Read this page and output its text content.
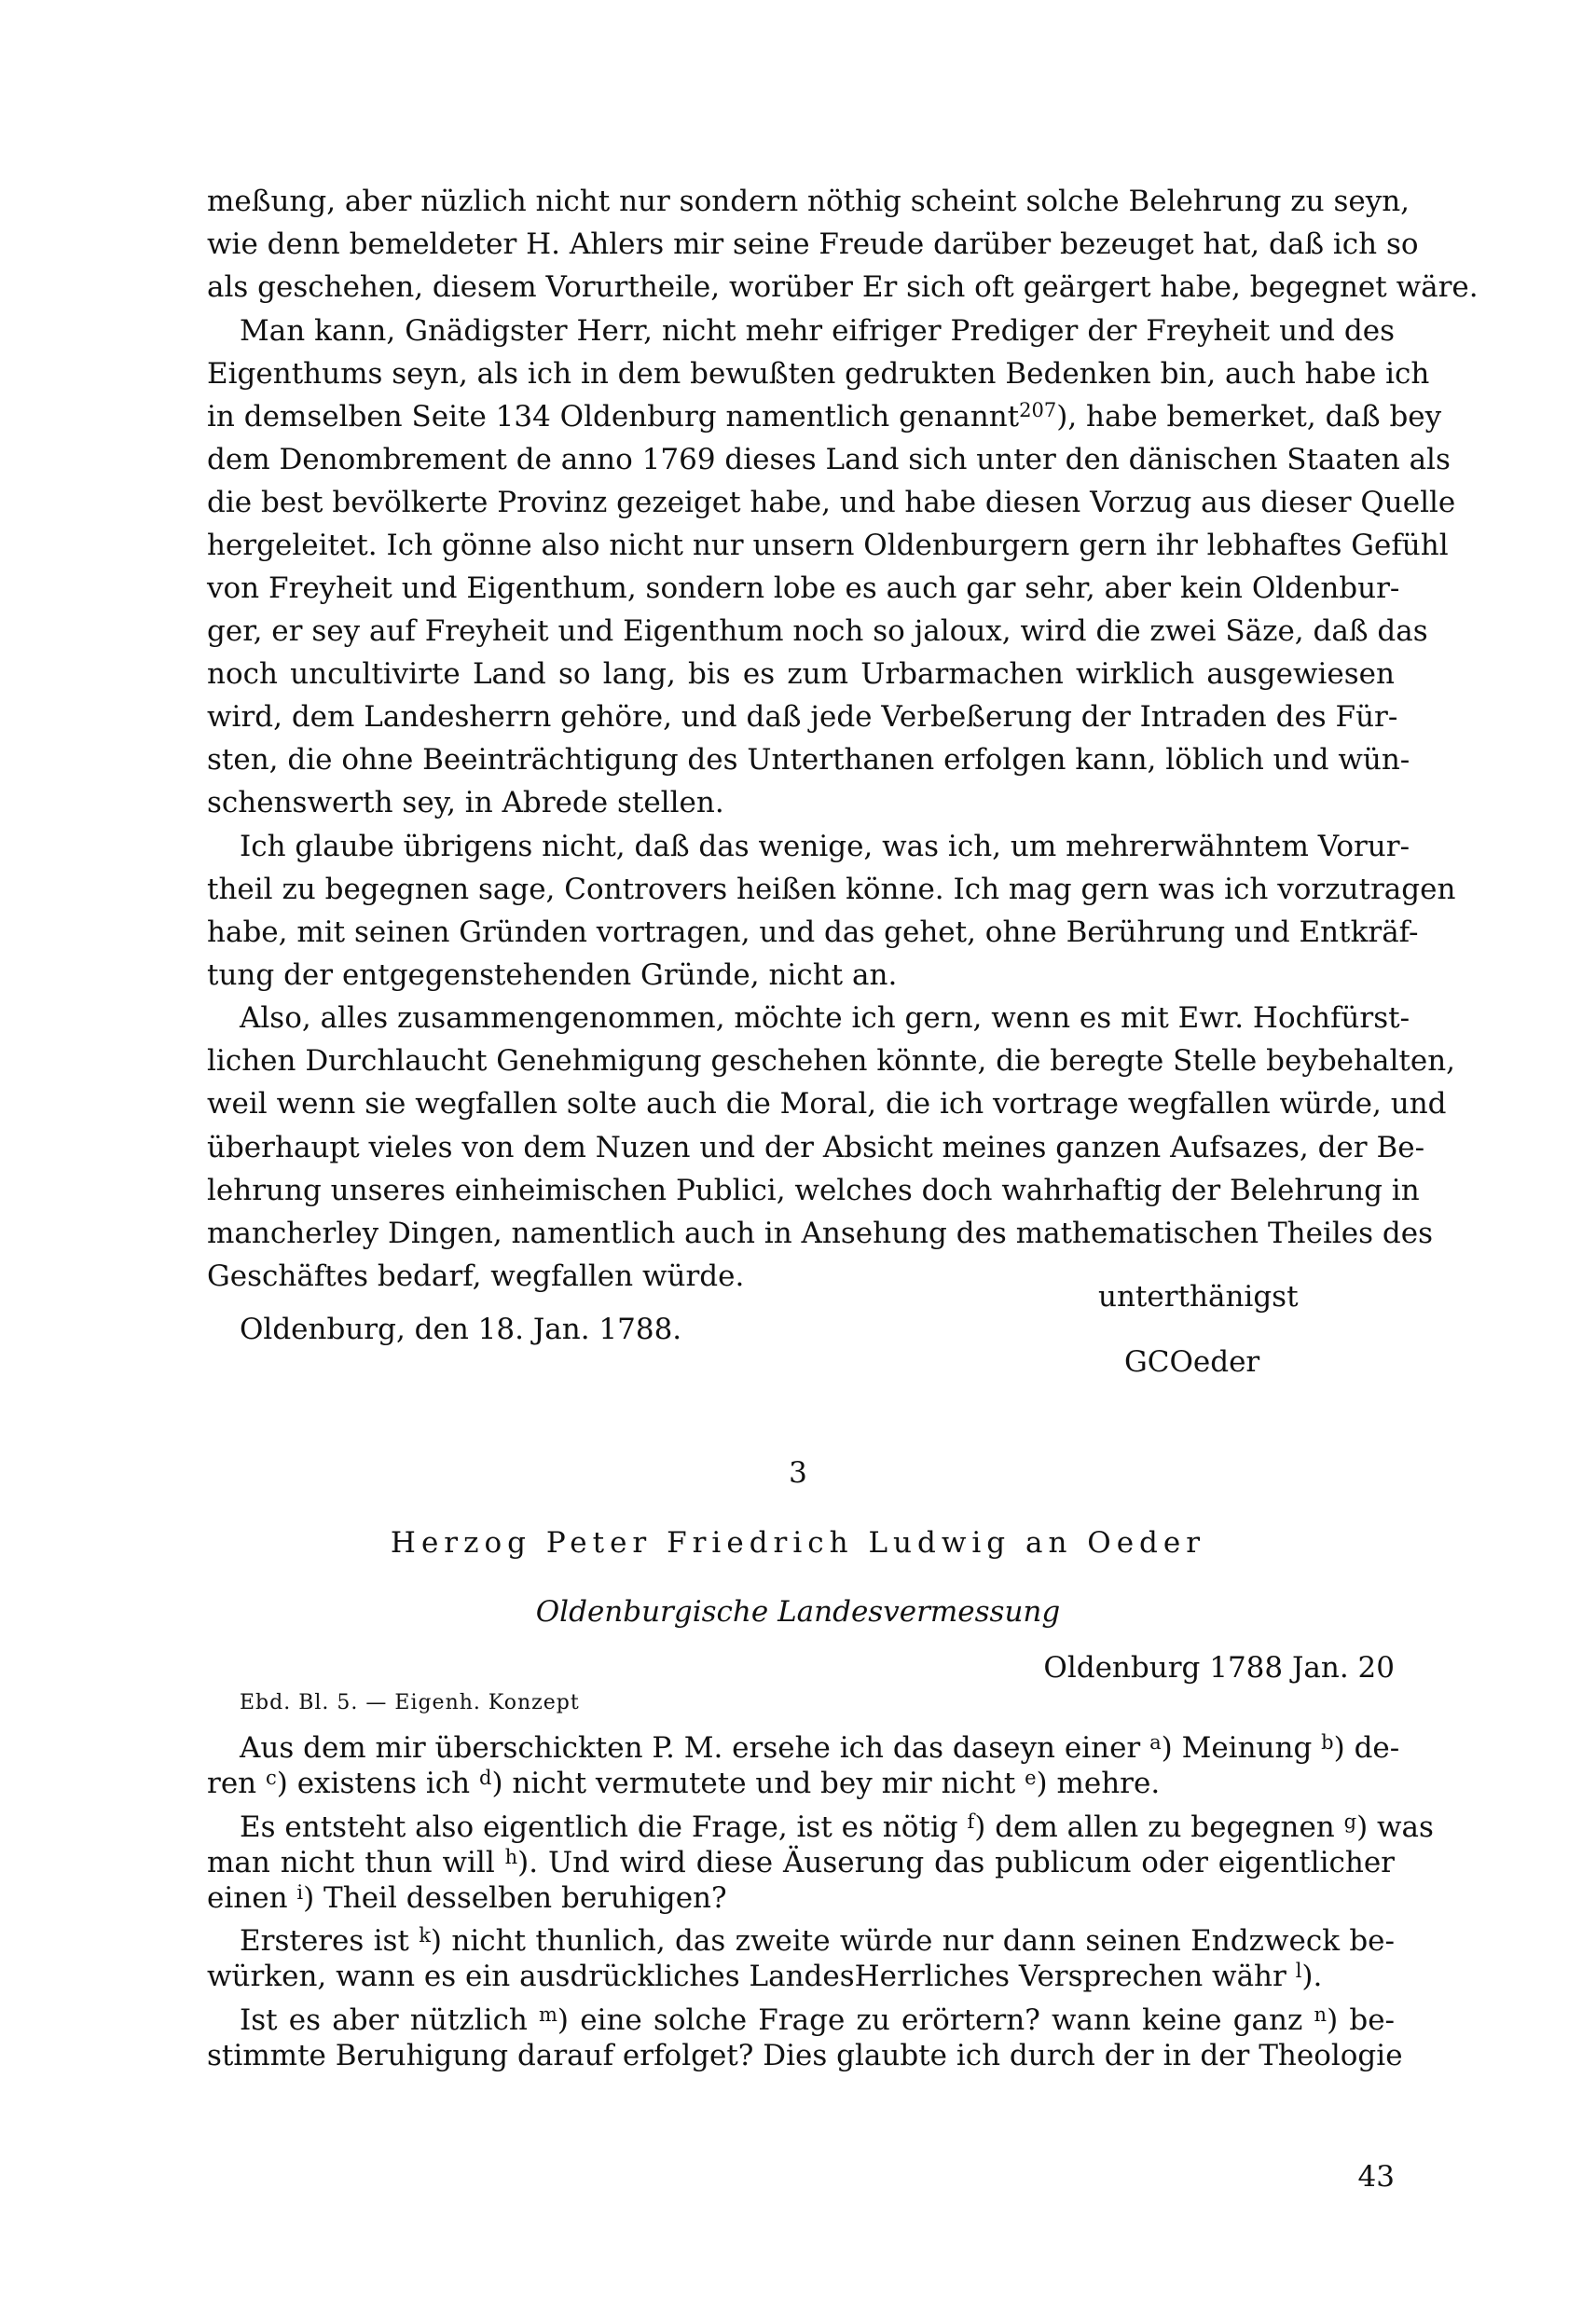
meßung, aber nüzlich nicht nur sondern nöthig scheint solche Belehrung zu seyn,
wie denn bemeldeter H. Ahlers mir seine Freude darüber bezeuget hat, daß ich so
als geschehen, diesem Vorurtheile, worüber Er sich oft geärgert habe, begegnet wäre.
Man kann, Gnädigster Herr, nicht mehr eifriger Prediger der Freyheit und des
Eigenthums seyn, als ich in dem bewußten gedrukten Bedenken bin, auch habe ich
in demselben Seite 134 Oldenburg namentlich genannt$^{207}$), habe bemerket, daß bey
dem Denombrement de anno 1769 dieses Land sich unter den dänischen Staaten als
die best bevölkerte Provinz gezeiget habe, und habe diesen Vorzug aus dieser Quelle
hergeleitet. Ich gönne also nicht nur unsern Oldenburgern gern ihr lebhaftes Gefühl
von Freyheit und Eigenthum, sondern lobe es auch gar sehr, aber kein Oldenbur-
ger, er sey auf Freyheit und Eigenthum noch so jaloux, wird die zwei Säze, daß das
noch uncultivirte Land so lang, bis es zum Urbarmachen wirklich ausgewiesen
wird, dem Landesherrn gehöre, und daß jede Verbeßerung der Intraden des Für-
sten, die ohne Beeinträchtigung des Unterthanen erfolgen kann, löblich und wün-
schenswerth sey, in Abrede stellen.
Ich glaube übrigens nicht, daß das wenige, was ich, um mehrerwähntem Vorur-
theil zu begegnen sage, Controvers heißen könne. Ich mag gern was ich vorzutragen
habe, mit seinen Gründen vortragen, und das gehet, ohne Berührung und Entkräf-
tung der entgegenstehenden Gründe, nicht an.
Also, alles zusammengenommen, möchte ich gern, wenn es mit Ewr. Hochfürst-
lichen Durchlaucht Genehmigung geschehen könnte, die beregte Stelle beybehalten,
weil wenn sie wegfallen solte auch die Moral, die ich vortrage wegfallen würde, und
überhaupt vieles von dem Nuzen und der Absicht meines ganzen Aufsazes, der Be-
lehrung unseres einheimischen Publici, welches doch wahrhaftig der Belehrung in
mancherley Dingen, namentlich auch in Ansehung des mathematischen Theiles des
Geschäftes bedarf, wegfallen würde.
unterthänigst
Oldenburg, den 18. Jan. 1788.
GCOeder
3
Herzog Peter Friedrich Ludwig an Oeder
Oldenburgische Landesvermessung
Oldenburg 1788 Jan. 20
Ebd. Bl. 5. — Eigenh. Konzept
Aus dem mir überschickten P. M. ersehe ich das daseyn einer $^a$) Meinung $^b$) de-
ren $^c$) existens ich $^d$) nicht vermutete und bey mir nicht $^e$) mehre.
Es entsteht also eigentlich die Frage, ist es nötig $^f$) dem allen zu begegnen $^g$) was
man nicht thun will $^h$). Und wird diese Äuserung das publicum oder eigentlicher
einen $^i$) Theil desselben beruhigen?
Ersteres ist $^k$) nicht thunlich, das zweite würde nur dann seinen Endzweck be-
würken, wann es ein ausdrückliches LandesHerrliches Versprechen währ $^l$).
Ist es aber nützlich $^m$) eine solche Frage zu erörtern? wann keine ganz $^n$) be-
stimmte Beruhigung darauf erfolget? Dies glaubte ich durch der in der Theologie
43
